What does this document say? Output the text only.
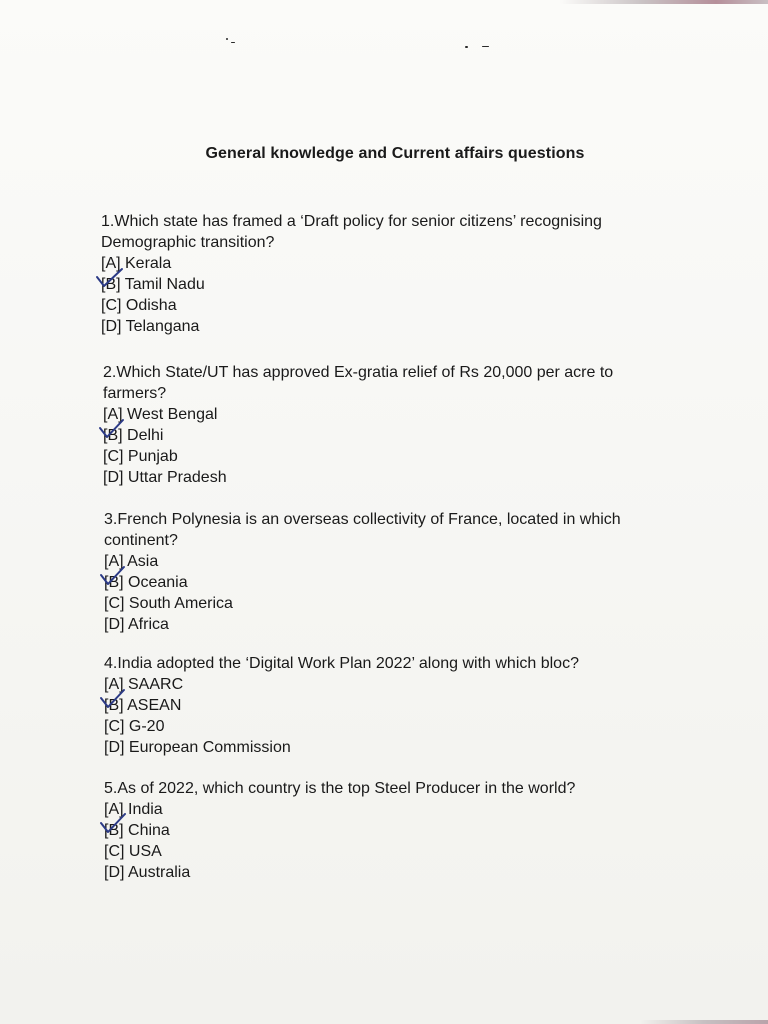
General knowledge and Current affairs questions

1.Which state has framed a ‘Draft policy for senior citizens’ recognising Demographic transition?

[A] Kerala

[B] Tamil Nadu

[C] Odisha

[D] Telangana

2.Which State/UT has approved Ex-gratia relief of Rs 20,000 per acre to farmers?

[A] West Bengal

[B] Delhi

[C] Punjab

[D] Uttar Pradesh

3.French Polynesia is an overseas collectivity of France, located in which continent?

[A] Asia

[B] Oceania

[C] South America

[D] Africa

4.India adopted the ‘Digital Work Plan 2022’ along with which bloc?

[A] SAARC

[B] ASEAN

[C] G-20

[D] European Commission

5.As of 2022, which country is the top Steel Producer in the world?

[A] India

[B] China

[C] USA

[D] Australia
